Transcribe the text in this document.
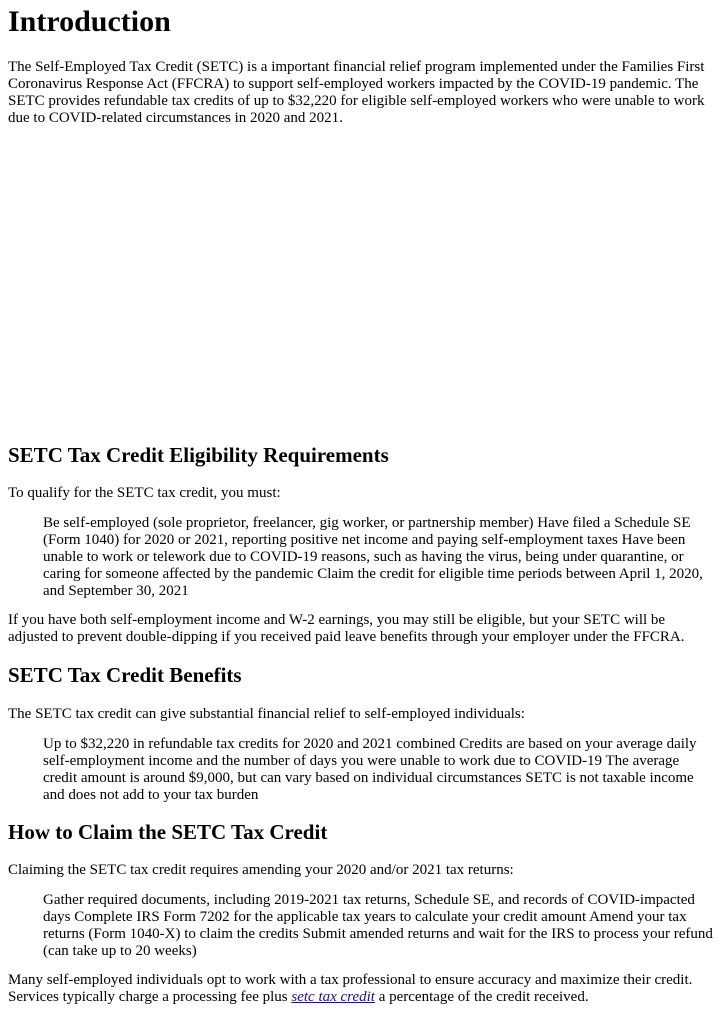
Introduction

The Self-Employed Tax Credit (SETC) is a important financial relief program implemented under the Families First Coronavirus Response Act (FFCRA) to support self-employed workers impacted by the COVID-19 pandemic. The SETC provides refundable tax credits of up to $32,220 for eligible self-employed workers who were unable to work due to COVID-related circumstances in 2020 and 2021.

SETC Tax Credit Eligibility Requirements

To qualify for the SETC tax credit, you must:

Be self-employed (sole proprietor, freelancer, gig worker, or partnership member) Have filed a Schedule SE (Form 1040) for 2020 or 2021, reporting positive net income and paying self-employment taxes Have been unable to work or telework due to COVID-19 reasons, such as having the virus, being under quarantine, or caring for someone affected by the pandemic Claim the credit for eligible time periods between April 1, 2020, and September 30, 2021

If you have both self-employment income and W-2 earnings, you may still be eligible, but your SETC will be adjusted to prevent double-dipping if you received paid leave benefits through your employer under the FFCRA.

SETC Tax Credit Benefits

The SETC tax credit can give substantial financial relief to self-employed individuals:

Up to $32,220 in refundable tax credits for 2020 and 2021 combined Credits are based on your average daily self-employment income and the number of days you were unable to work due to COVID-19 The average credit amount is around $9,000, but can vary based on individual circumstances SETC is not taxable income and does not add to your tax burden
How to Claim the SETC Tax Credit

Claiming the SETC tax credit requires amending your 2020 and/or 2021 tax returns:

Gather required documents, including 2019-2021 tax returns, Schedule SE, and records of COVID-impacted days Complete IRS Form 7202 for the applicable tax years to calculate your credit amount Amend your tax returns (Form 1040-X) to claim the credits Submit amended returns and wait for the IRS to process your refund (can take up to 20 weeks)

Many self-employed individuals opt to work with a tax professional to ensure accuracy and maximize their credit. Services typically charge a processing fee plus setc tax credit a percentage of the credit received.
